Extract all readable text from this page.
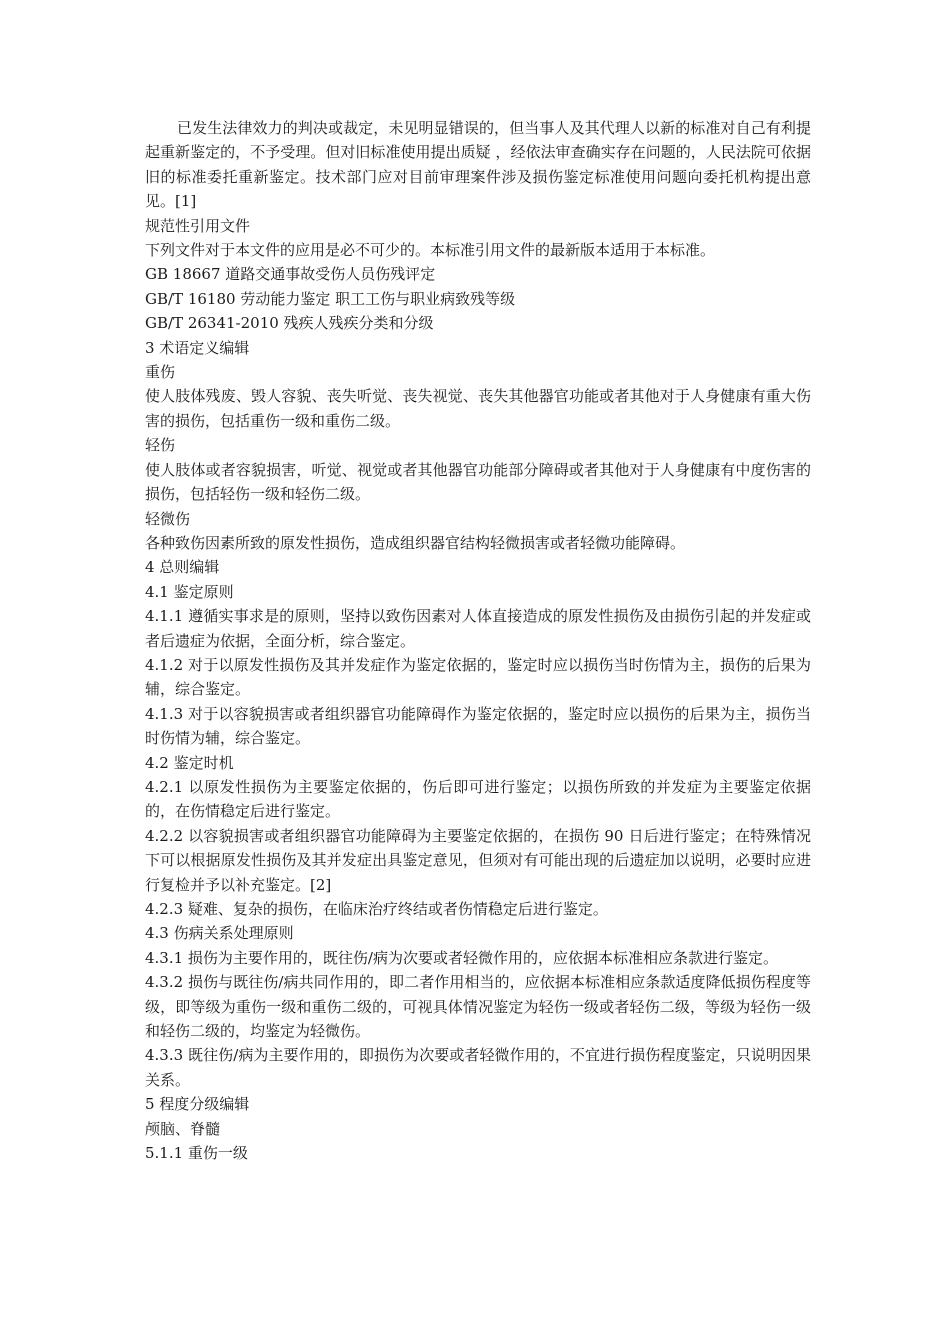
已发生法律效力的判决或裁定，未见明显错误的，但当事人及其代理人以新的标准对自己有利提起重新鉴定的，不予受理。但对旧标准使用提出质疑 ，经依法审查确实存在问题的，人民法院可依据旧的标准委托重新鉴定。技术部门应对目前审理案件涉及损伤鉴定标准使用问题向委托机构提出意见。[1]

规范性引用文件

下列文件对于本文件的应用是必不可少的。本标准引用文件的最新版本适用于本标准。

GB 18667 道路交通事故受伤人员伤残评定

GB/T 16180 劳动能力鉴定 职工工伤与职业病致残等级

GB/T 26341-2010 残疾人残疾分类和分级

3 术语定义编辑

重伤

使人肢体残废、毁人容貌、丧失听觉、丧失视觉、丧失其他器官功能或者其他对于人身健康有重大伤害的损伤，包括重伤一级和重伤二级。

轻伤

使人肢体或者容貌损害，听觉、视觉或者其他器官功能部分障碍或者其他对于人身健康有中度伤害的损伤，包括轻伤一级和轻伤二级。

轻微伤

各种致伤因素所致的原发性损伤，造成组织器官结构轻微损害或者轻微功能障碍。

4 总则编辑

4.1 鉴定原则

4.1.1 遵循实事求是的原则，坚持以致伤因素对人体直接造成的原发性损伤及由损伤引起的并发症或者后遗症为依据，全面分析，综合鉴定。

4.1.2 对于以原发性损伤及其并发症作为鉴定依据的，鉴定时应以损伤当时伤情为主，损伤的后果为辅，综合鉴定。

4.1.3 对于以容貌损害或者组织器官功能障碍作为鉴定依据的，鉴定时应以损伤的后果为主，损伤当时伤情为辅，综合鉴定。

4.2 鉴定时机

4.2.1 以原发性损伤为主要鉴定依据的，伤后即可进行鉴定；以损伤所致的并发症为主要鉴定依据的，在伤情稳定后进行鉴定。

4.2.2 以容貌损害或者组织器官功能障碍为主要鉴定依据的，在损伤 90 日后进行鉴定；在特殊情况下可以根据原发性损伤及其并发症出具鉴定意见，但须对有可能出现的后遗症加以说明，必要时应进行复检并予以补充鉴定。[2]

4.2.3 疑难、复杂的损伤，在临床治疗终结或者伤情稳定后进行鉴定。

4.3 伤病关系处理原则

4.3.1 损伤为主要作用的，既往伤/病为次要或者轻微作用的，应依据本标准相应条款进行鉴定。

4.3.2 损伤与既往伤/病共同作用的，即二者作用相当的，应依据本标准相应条款适度降低损伤程度等级，即等级为重伤一级和重伤二级的，可视具体情况鉴定为轻伤一级或者轻伤二级，等级为轻伤一级和轻伤二级的，均鉴定为轻微伤。

4.3.3 既往伤/病为主要作用的，即损伤为次要或者轻微作用的，不宜进行损伤程度鉴定，只说明因果关系。

5 程度分级编辑

颅脑、脊髓

5.1.1 重伤一级
